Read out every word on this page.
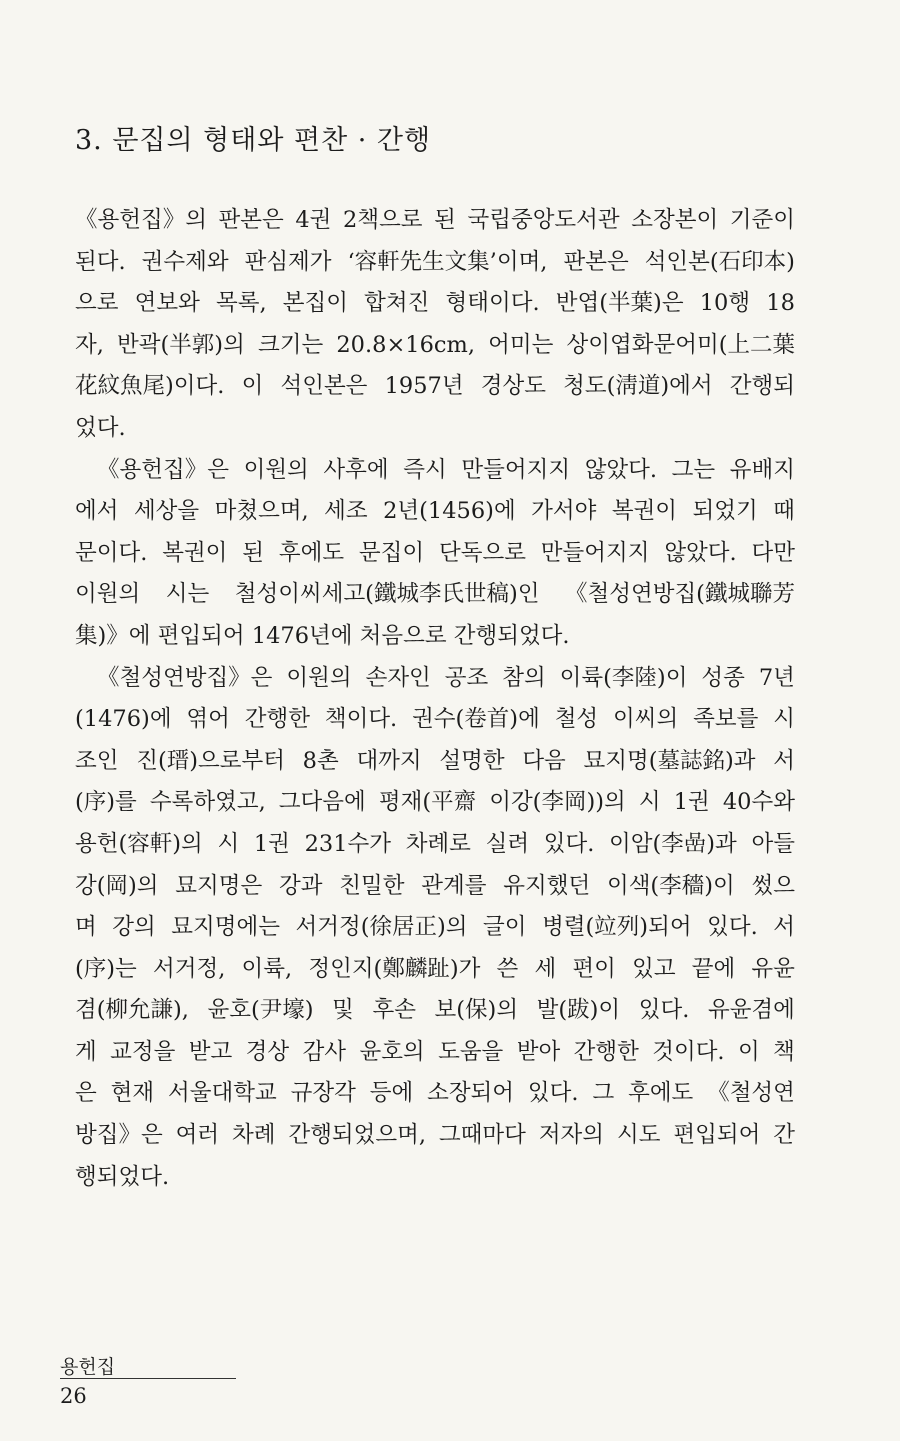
3. 문집의 형태와 편찬 · 간행
《용헌집》의 판본은 4권 2책으로 된 국립중앙도서관 소장본이 기준이
된다. 권수제와 판심제가 ‘容軒先生文集’이며, 판본은 석인본(石印本)
으로 연보와 목록, 본집이 합쳐진 형태이다. 반엽(半葉)은 10행 18
자, 반곽(半郭)의 크기는 20.8×16cm, 어미는 상이엽화문어미(上二葉
花紋魚尾)이다. 이 석인본은 1957년 경상도 청도(淸道)에서 간행되
었다.
《용헌집》은 이원의 사후에 즉시 만들어지지 않았다. 그는 유배지
에서 세상을 마쳤으며, 세조 2년(1456)에 가서야 복권이 되었기 때
문이다. 복권이 된 후에도 문집이 단독으로 만들어지지 않았다. 다만
이원의 시는 철성이씨세고(鐵城李氏世稿)인 《철성연방집(鐵城聯芳
集)》에 편입되어 1476년에 처음으로 간행되었다.
《철성연방집》은 이원의 손자인 공조 참의 이륙(李陸)이 성종 7년
(1476)에 엮어 간행한 책이다. 권수(卷首)에 철성 이씨의 족보를 시
조인 진(瑨)으로부터 8촌 대까지 설명한 다음 묘지명(墓誌銘)과 서
(序)를 수록하였고, 그다음에 평재(平齋 이강(李岡))의 시 1권 40수와
용헌(容軒)의 시 1권 231수가 차례로 실려 있다. 이암(李嵒)과 아들
강(岡)의 묘지명은 강과 친밀한 관계를 유지했던 이색(李穡)이 썼으
며 강의 묘지명에는 서거정(徐居正)의 글이 병렬(竝列)되어 있다. 서
(序)는 서거정, 이륙, 정인지(鄭麟趾)가 쓴 세 편이 있고 끝에 유윤
겸(柳允謙), 윤호(尹壕) 및 후손 보(保)의 발(跋)이 있다. 유윤겸에
게 교정을 받고 경상 감사 윤호의 도움을 받아 간행한 것이다. 이 책
은 현재 서울대학교 규장각 등에 소장되어 있다. 그 후에도 《철성연
방집》은 여러 차례 간행되었으며, 그때마다 저자의 시도 편입되어 간
행되었다.

용헌집

26
